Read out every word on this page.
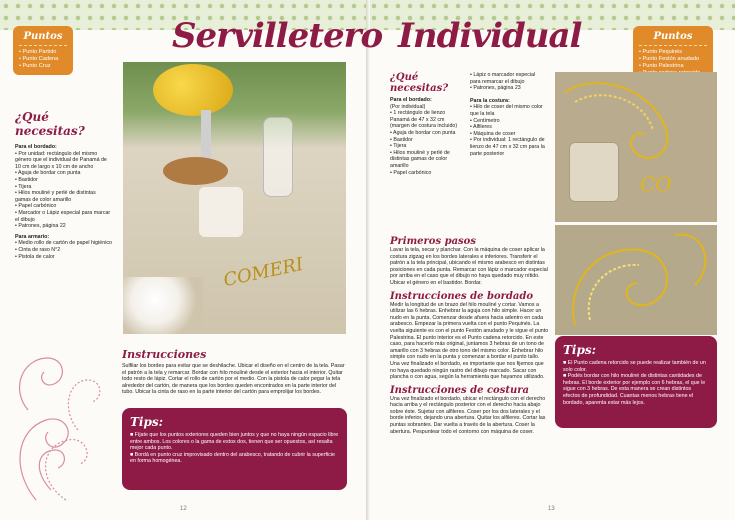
Puntos
• Punto Partido
• Punto Cadena
• Punto Cruz
Servilletero
¿Qué necesitas?
Para el bordado:
• Por unidad: rectángulo del mismo género que el individual de Panamá de 10 cm de largo x 10 cm de ancho
• Aguja de bordar con punta
• Bastidor
• Tijera
• Hilos mouliné y perlé de distintas gamas de color amarillo
• Papel carbónico
• Marcador o Lápiz especial para marcar el dibujo
• Patrones, página 22
Para armario:
• Medio rollo de cartón de papel higiénico
• Cinta de raso N°2
• Pistola de calor	COMERI
Instrucciones
Sulfilar los bordes para evitar que se deshilache. Ubicar el diseño en el centro de la tela. Pasar el patrón a la tela y remarcar. Bordar con hilo mouliné desde el exterior hacia el interior. Quitar todo resto de lápiz. Cortar el rollo de cartón por el medio. Con la pistola de calor pegar la tela alrededor del cartón, de manera que los bordes queden encontrados en la parte interior del tubo. Ubicar la cinta de raso en la parte interior del cartón para emprolijar los bordes.
Tips:

■ Fíjate que los puntos exteriores queden bien juntos y que no haya ningún espacio libre entre ambos. Los colores o la gama de estos dos, tienen que ser opuestos, así resalta mejor cada punto.

■ Bordá en punto cruz improvisado dentro del arabesco, tratando de cubrir la superficie en forma homogénea.

12
Individual	Puntos
• Punto Pequinés
• Punto Festón anudado
• Punto Palestrina
•
¿Qué necesitas?
Para el bordado:
(Por individual)
• 1 rectángulo de lienzo Panamá de 47 x 32 cm (margen de costura incluido)
• Aguja de bordar con punta
• Bastidor
• Tijera
• Hilos mouliné y perlé de distintas gamas de color amarillo
• Papel carbónico
• Lápiz o marcador especial para remarcar el dibujo
• Patrones, página 23
Para la costura:
• Hilo de coser del mismo color que la tela
• Centímetro
• Alfileres
• Máquina de coser
• Por individual: 1 rectángulo de lienzo de 47 cm x 32 cm para la parte posterior
Primeros pasos
Lavar la tela, secar y planchar. Con la máquina de coser aplicar la costura zigzag en los bordes laterales e inferiores. Transferir el patrón a la tela principal, ubicando el mismo arabesco en distintas posiciones en cada punta. Remarcar con lápiz o marcador especial por arriba en el caso que el dibujo no haya quedado muy nítido. Ubicar el género en el bastidor. Bordar.
Instrucciones de bordado
Medir la longitud de un brazo del hilo mouliné y cortar. Vamos a utilizar las 6 hebras. Enhebrar la aguja con hilo simple. Hacer un nudo en la punta. Comenzar desde afuera hacia adentro en cada arabesco. Empezar la primera vuelta con el punto Pequinés. La vuelta siguiente es con el punto Festón anudado y le sigue el punto Palestrina. El punto interior es el Punto cadena retorcido. En este caso, para hacerlo más original, juntamos 3 hebras de un tono de amarillo con 3 hebras de otro tono del mismo color. Enhebrar hilo simple con nudo en la punta y comenzar a bordar el punto tallo. Una vez finalizado el bordado, es importante que nos fijemos que no haya quedado ningún rastro del dibujo marcado. Sacar con plancha o con agua, según la herramienta que hayamos utilizado.
Instrucciones de costura
Una vez finalizado el bordado, ubicar el rectángulo con el derecho hacia arriba y el rectángulo posterior con el derecho hacia abajo sobre éste. Sujetar con alfileres. Coser por los dos laterales y el borde inferior, dejando una abertura. Quitar los alfileres. Cortar las puntas sobrantes. Dar vuelta a través de la abertura. Coser la abertura. Pespuntear todo el contorno con máquina de coser.
CO
Tips:

■ El Punto cadena retorcido se puede realizar también de un solo color.

■ Podés bordar con hilo mouliné de distintas cantidades de hebras. El borde exterior por ejemplo con 6 hebras, el que le sigue con 3 hebras. De esta manera se crean distintos efectos de profundidad. Cuantas menos hebras tiene el bordado, aparenta estar más lejos.

13
